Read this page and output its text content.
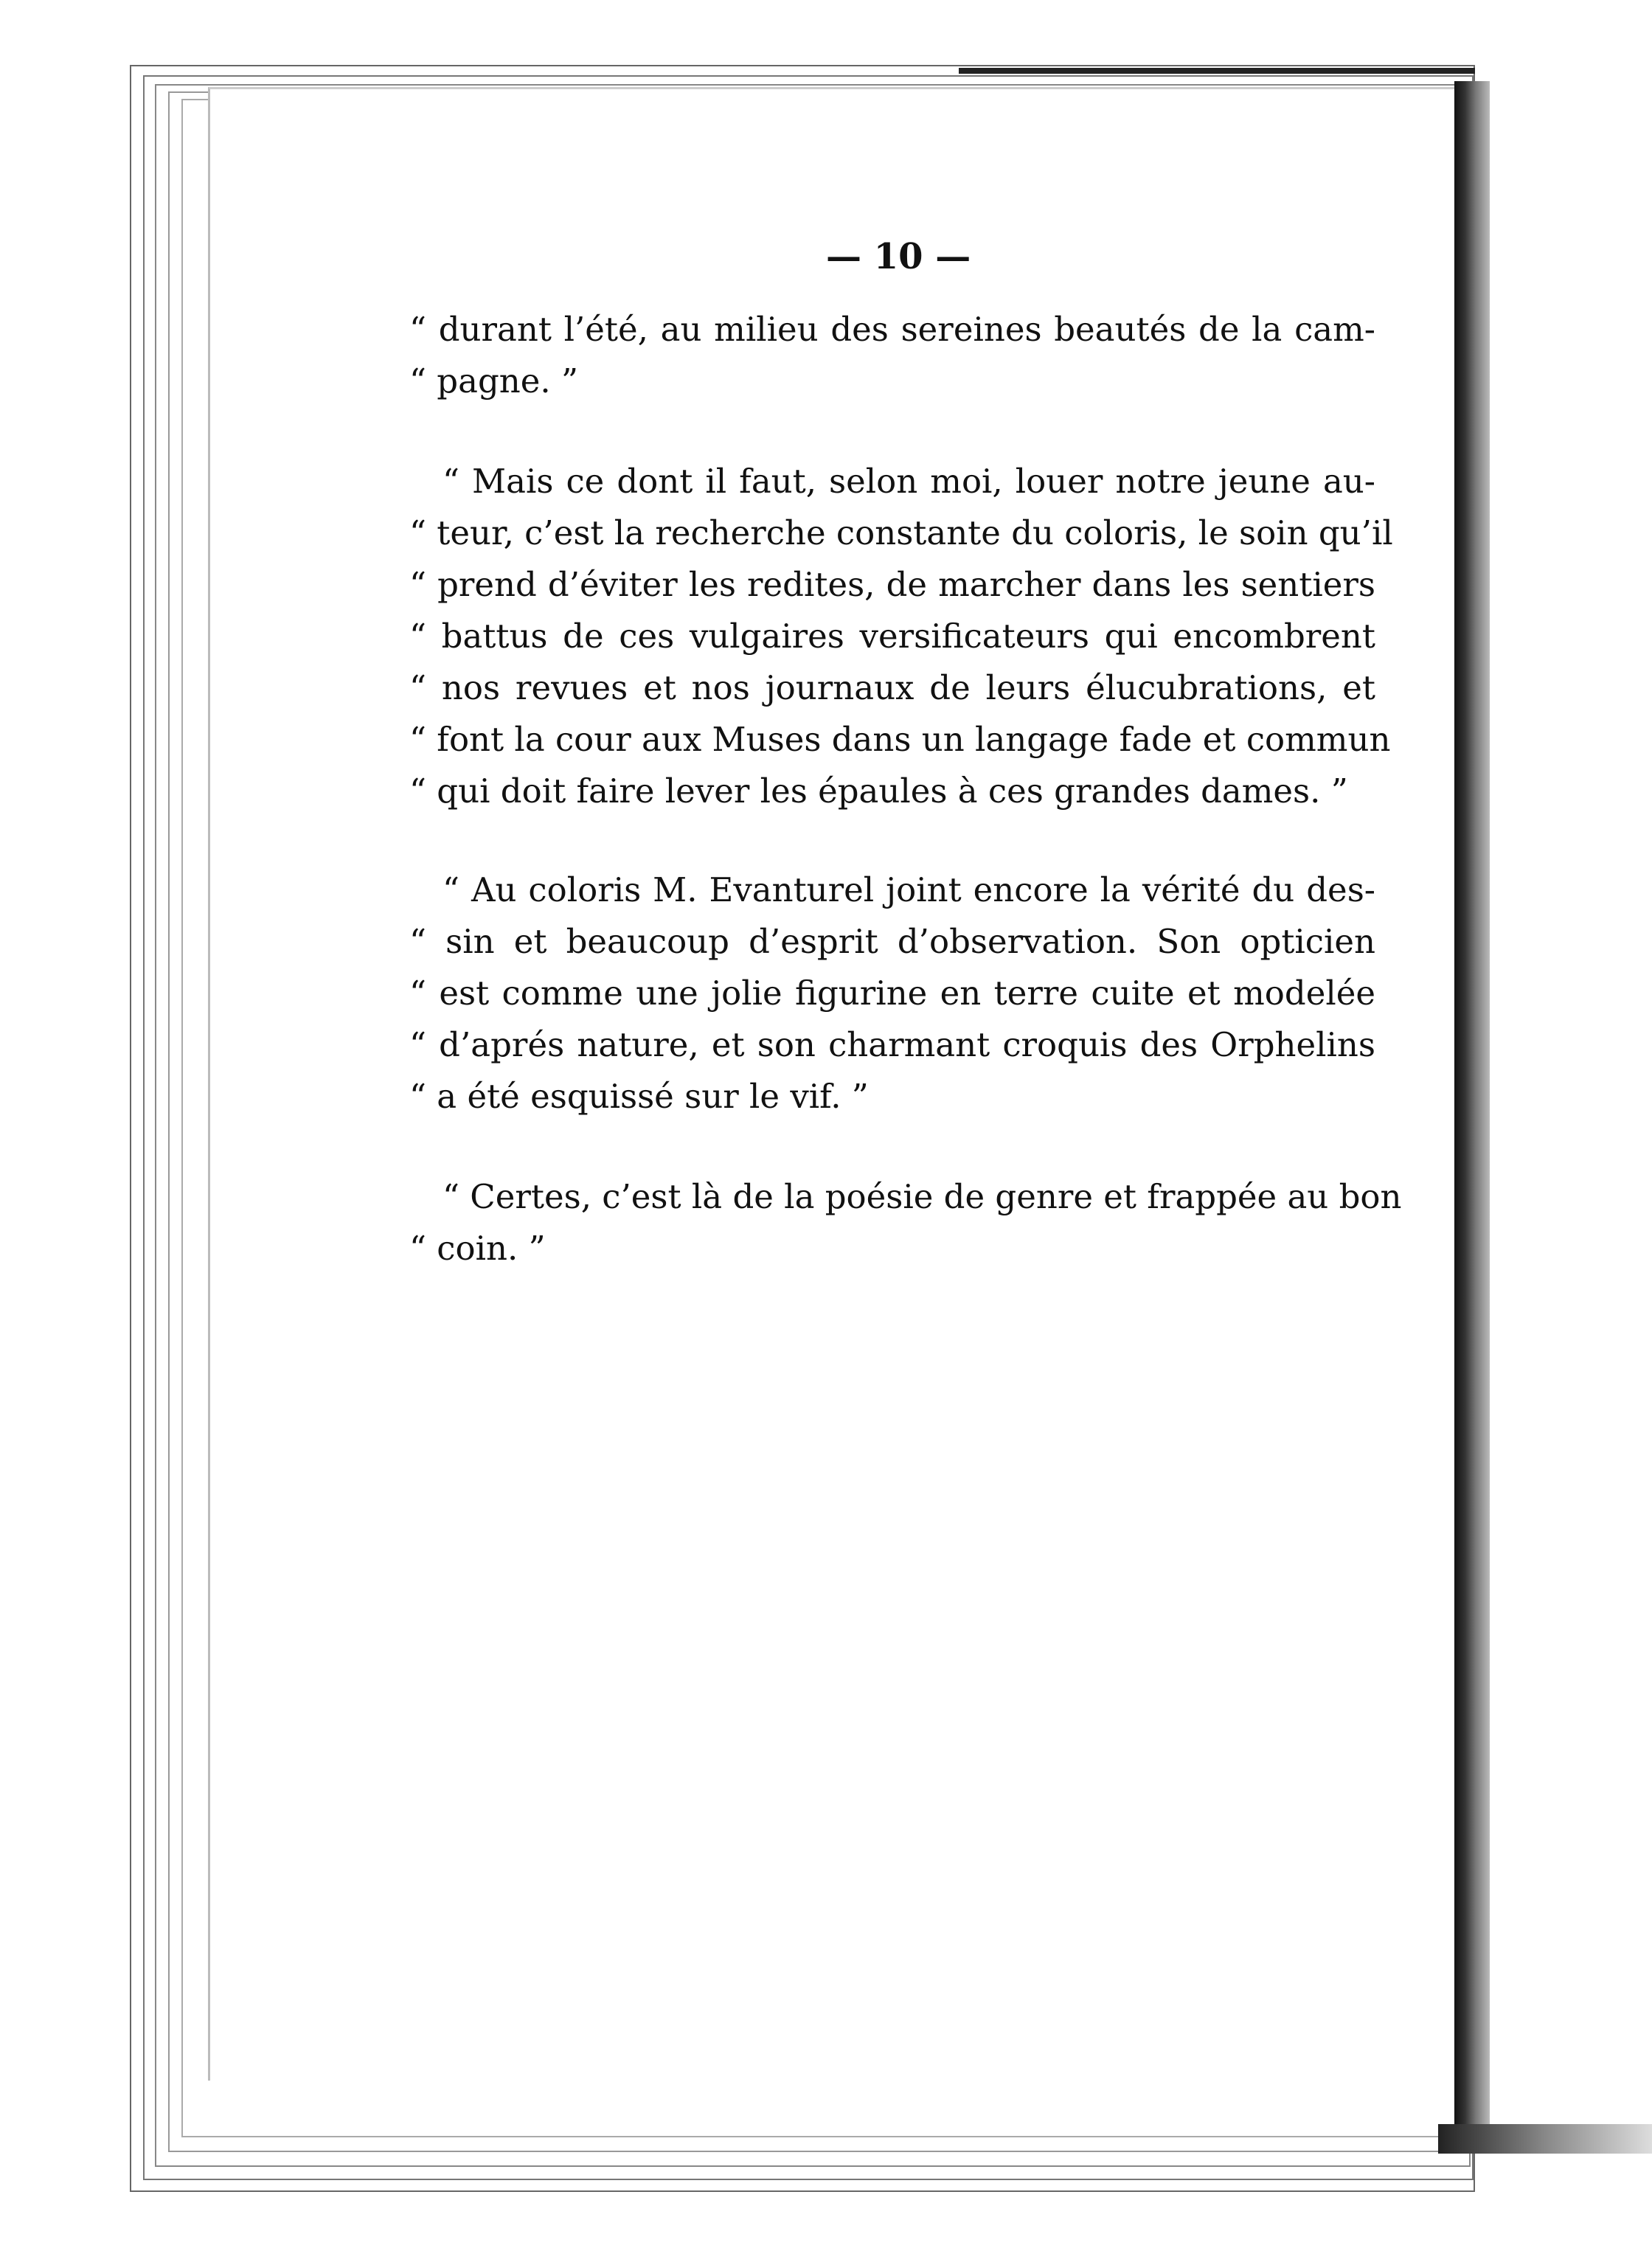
— 10 —
“ durant l’été, au milieu des sereines beautés de la cam-
“ pagne. ”
“ Mais ce dont il faut, selon moi, louer notre jeune au-
“ teur, c’est la recherche constante du coloris, le soin qu’il
“ prend d’éviter les redites, de marcher dans les sentiers
“ battus de ces vulgaires versificateurs qui encombrent
“ nos revues et nos journaux de leurs élucubrations, et
“ font la cour aux Muses dans un langage fade et commun
“ qui doit faire lever les épaules à ces grandes dames. ”
“ Au coloris M. Evanturel joint encore la vérité du des-
“ sin et beaucoup d’esprit d’observation. Son opticien
“ est comme une jolie figurine en terre cuite et modelée
“ d’aprés nature, et son charmant croquis des Orphelins
“ a été esquissé sur le vif. ”
“ Certes, c’est là de la poésie de genre et frappée au bon
“ coin. ”
